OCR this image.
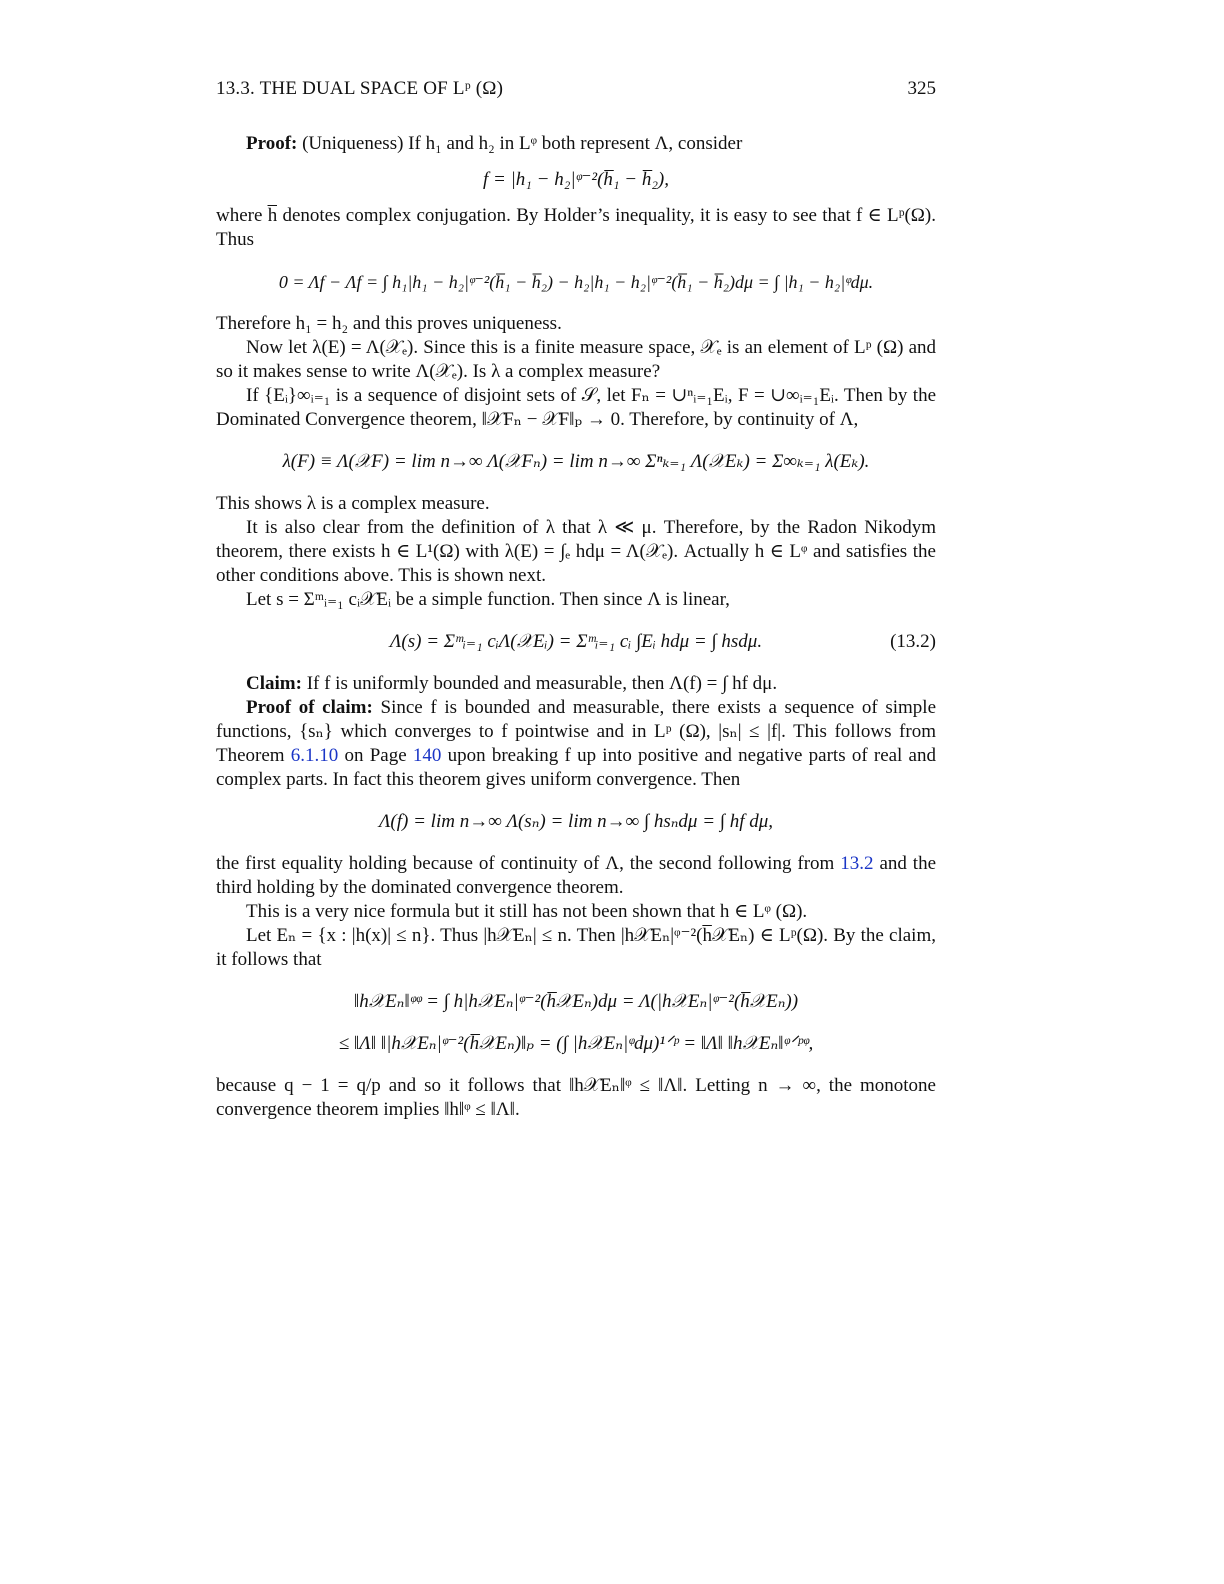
13.3. THE DUAL SPACE OF Lᵖ (Ω)	325

Proof: (Uniqueness) If h₁ and h₂ in Lᵠ both represent Λ, consider

f = |h₁ − h₂|ᵠ⁻²(h̅₁ − h̅₂),

where h̅ denotes complex conjugation. By Holder’s inequality, it is easy to see that f ∈ Lᵖ(Ω). Thus

0 = Λf − Λf = ∫ h₁|h₁ − h₂|ᵠ⁻²(h̅₁ − h̅₂) − h₂|h₁ − h₂|ᵠ⁻²(h̅₁ − h̅₂)dμ = ∫ |h₁ − h₂|ᵠdμ.

Therefore h₁ = h₂ and this proves uniqueness.

Now let λ(E) = Λ(𝒳ₑ). Since this is a finite measure space, 𝒳ₑ is an element of Lᵖ (Ω) and so it makes sense to write Λ(𝒳ₑ). Is λ a complex measure?

If {Eᵢ}∞ᵢ₌₁ is a sequence of disjoint sets of 𝒮, let Fₙ = ∪ⁿᵢ₌₁Eᵢ, F = ∪∞ᵢ₌₁Eᵢ. Then by the Dominated Convergence theorem, ‖𝒳Fₙ − 𝒳F‖ₚ → 0. Therefore, by continuity of Λ,

λ(F) ≡ Λ(𝒳F) = lim n→∞ Λ(𝒳Fₙ) = lim n→∞ Σⁿₖ₌₁ Λ(𝒳Eₖ) = Σ∞ₖ₌₁ λ(Eₖ).

This shows λ is a complex measure.

It is also clear from the definition of λ that λ ≪ μ. Therefore, by the Radon Nikodym theorem, there exists h ∈ L¹(Ω) with λ(E) = ∫ₑ hdμ = Λ(𝒳ₑ). Actually h ∈ Lᵠ and satisfies the other conditions above. This is shown next.

Let s = Σᵐᵢ₌₁ cᵢ𝒳Eᵢ be a simple function. Then since Λ is linear,

Λ(s) = Σᵐᵢ₌₁ cᵢΛ(𝒳Eᵢ) = Σᵐᵢ₌₁ cᵢ ∫Eᵢ hdμ = ∫ hsdμ.	(13.2)

Claim: If f is uniformly bounded and measurable, then Λ(f) = ∫ hf dμ.

Proof of claim: Since f is bounded and measurable, there exists a sequence of simple functions, {sₙ} which converges to f pointwise and in Lᵖ (Ω), |sₙ| ≤ |f|. This follows from Theorem 6.1.10 on Page 140 upon breaking f up into positive and negative parts of real and complex parts. In fact this theorem gives uniform convergence. Then

Λ(f) = lim n→∞ Λ(sₙ) = lim n→∞ ∫ hsₙdμ = ∫ hf dμ,

the first equality holding because of continuity of Λ, the second following from 13.2 and the third holding by the dominated convergence theorem.

This is a very nice formula but it still has not been shown that h ∈ Lᵠ (Ω).

Let Eₙ = {x : |h(x)| ≤ n}. Thus |h𝒳Eₙ| ≤ n. Then |h𝒳Eₙ|ᵠ⁻²(h̅𝒳Eₙ) ∈ Lᵖ(Ω). By the claim, it follows that

‖h𝒳Eₙ‖ᵠᵠ = ∫ h|h𝒳Eₙ|ᵠ⁻²(h̅𝒳Eₙ)dμ = Λ(|h𝒳Eₙ|ᵠ⁻²(h̅𝒳Eₙ))
≤ ‖Λ‖ ‖|h𝒳Eₙ|ᵠ⁻²(h̅𝒳Eₙ)‖ₚ = (∫ |h𝒳Eₙ|ᵠdμ)¹ᐟᵖ = ‖Λ‖ ‖h𝒳Eₙ‖ᵠᐟᵖᵠ,

because q − 1 = q/p and so it follows that ‖h𝒳Eₙ‖ᵠ ≤ ‖Λ‖. Letting n → ∞, the monotone convergence theorem implies ‖h‖ᵠ ≤ ‖Λ‖.
